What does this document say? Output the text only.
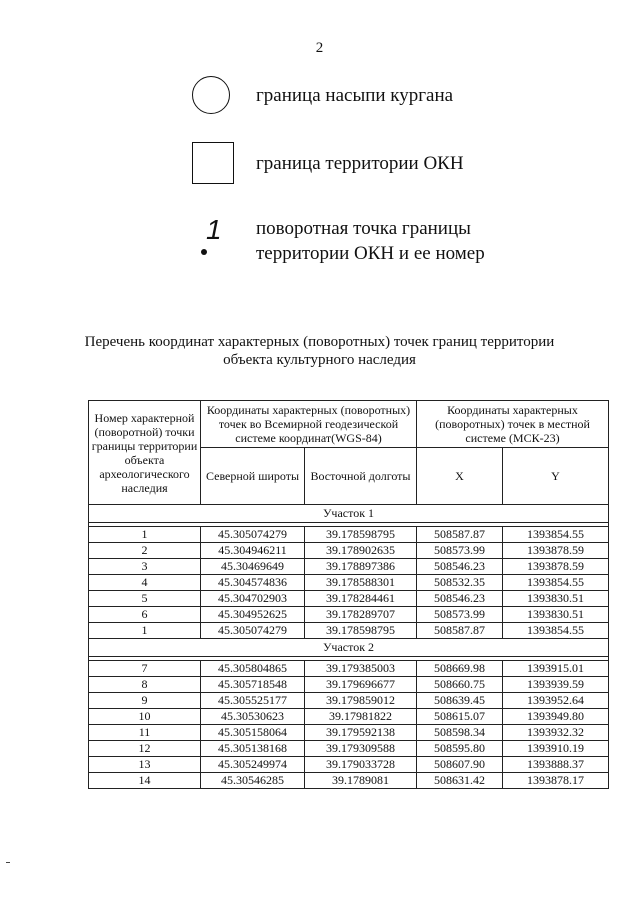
2
граница насыпи кургана
граница территории ОКН
1 поворотная точка границы
территории ОКН и ее номер
Перечень координат характерных (поворотных) точек границ территории
объекта культурного наследия
Номер характерной (поворотной) точки границы территории объекта археологического наследия	Координаты характерных (поворотных) точек во Всемирной геодезической системе координат(WGS-84)		Координаты характерных (поворотных) точек в местной системе (МСК-23)	
	Северной широты	Восточной долготы	X	Y
Участок 1				

1	45.305074279	39.178598795	508587.87	1393854.55
2	45.304946211	39.178902635	508573.99	1393878.59
3	45.30469649	39.178897386	508546.23	1393878.59
4	45.304574836	39.178588301	508532.35	1393854.55
5	45.304702903	39.178284461	508546.23	1393830.51
6	45.304952625	39.178289707	508573.99	1393830.51
1	45.305074279	39.178598795	508587.87	1393854.55
Участок 2				

7	45.305804865	39.179385003	508669.98	1393915.01
8	45.305718548	39.179696677	508660.75	1393939.59
9	45.305525177	39.179859012	508639.45	1393952.64
10	45.30530623	39.17981822	508615.07	1393949.80
11	45.305158064	39.179592138	508598.34	1393932.32
12	45.305138168	39.179309588	508595.80	1393910.19
13	45.305249974	39.179033728	508607.90	1393888.37
14	45.30546285	39.1789081	508631.42	1393878.17
